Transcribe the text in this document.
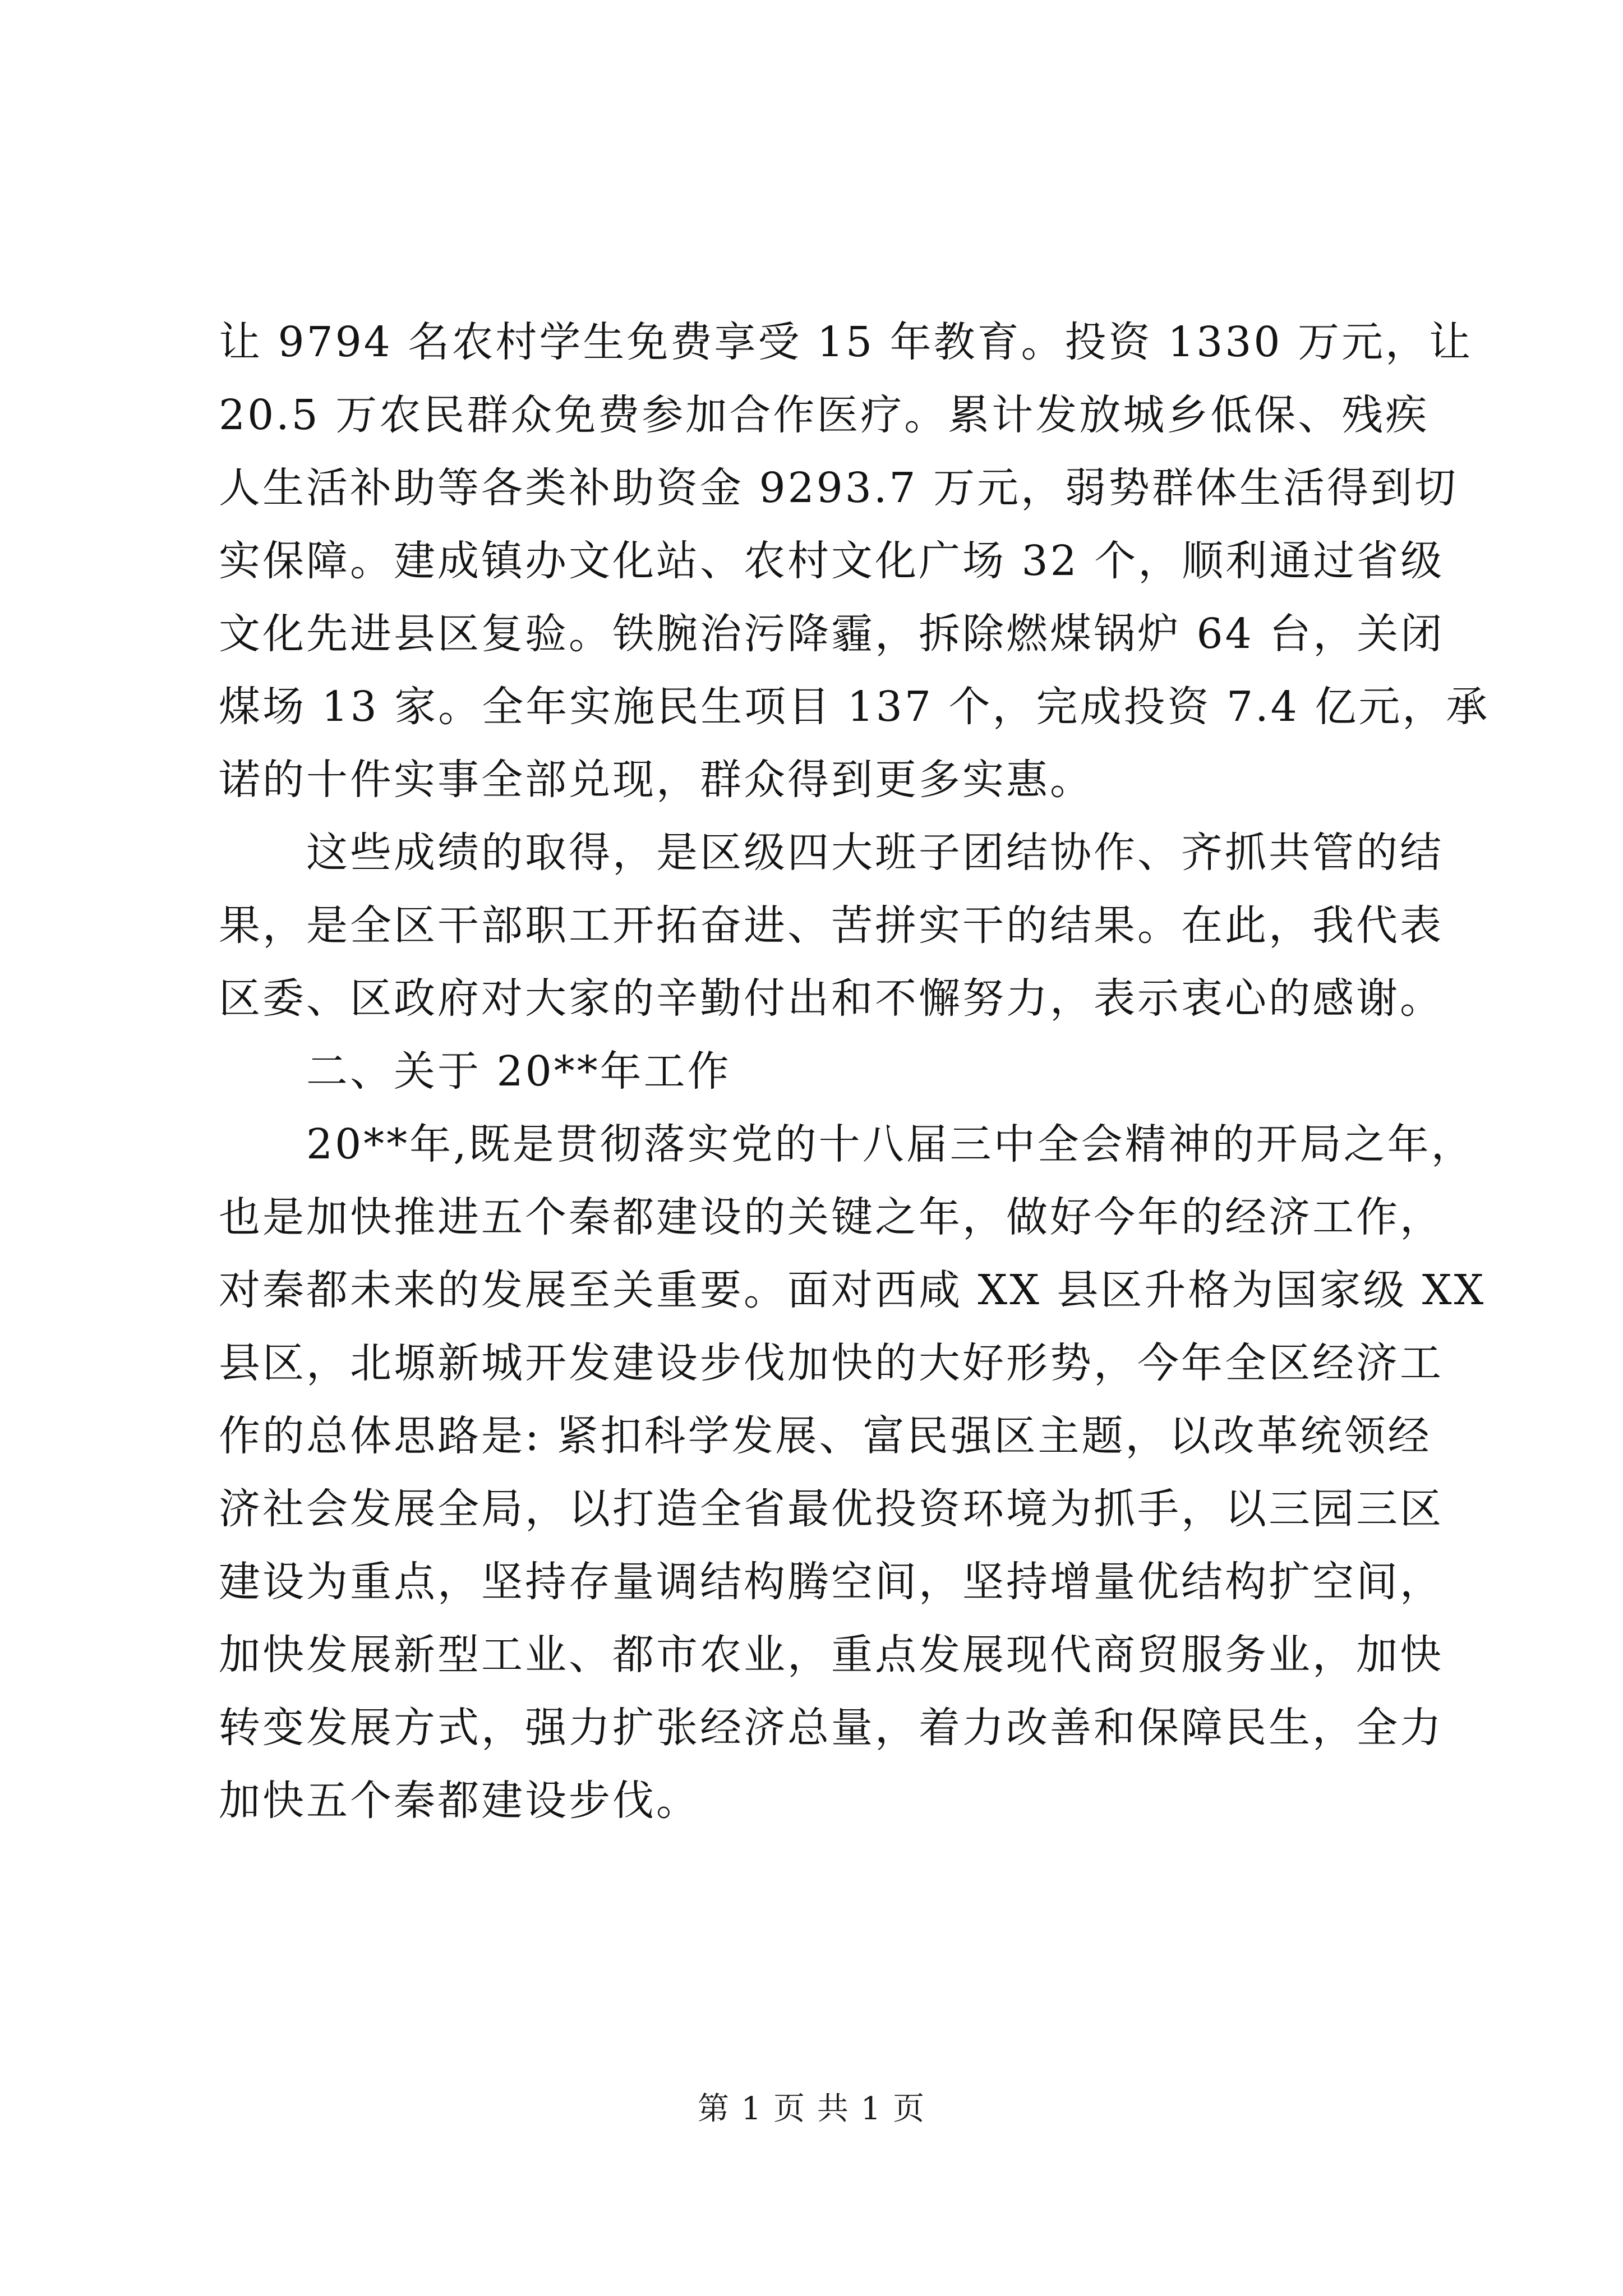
让 9794 名农村学生免费享受 15 年教育。投资 1330 万元，让
20.5 万农民群众免费参加合作医疗。累计发放城乡低保、残疾
人生活补助等各类补助资金 9293.7 万元，弱势群体生活得到切
实保障。建成镇办文化站、农村文化广场 32 个，顺利通过省级
文化先进县区复验。铁腕治污降霾，拆除燃煤锅炉 64 台，关闭
煤场 13 家。全年实施民生项目 137 个，完成投资 7.4 亿元，承
诺的十件实事全部兑现，群众得到更多实惠。
这些成绩的取得，是区级四大班子团结协作、齐抓共管的结
果，是全区干部职工开拓奋进、苦拼实干的结果。在此，我代表
区委、区政府对大家的辛勤付出和不懈努力，表示衷心的感谢。
二、关于 20**年工作
20**年,既是贯彻落实党的十八届三中全会精神的开局之年，
也是加快推进五个秦都建设的关键之年，做好今年的经济工作，
对秦都未来的发展至关重要。面对西咸 XX 县区升格为国家级 XX
县区，北塬新城开发建设步伐加快的大好形势，今年全区经济工
作的总体思路是: 紧扣科学发展、富民强区主题，以改革统领经
济社会发展全局，以打造全省最优投资环境为抓手，以三园三区
建设为重点，坚持存量调结构腾空间，坚持增量优结构扩空间，
加快发展新型工业、都市农业，重点发展现代商贸服务业，加快
转变发展方式，强力扩张经济总量，着力改善和保障民生，全力
加快五个秦都建设步伐。
第 1 页 共 1 页
